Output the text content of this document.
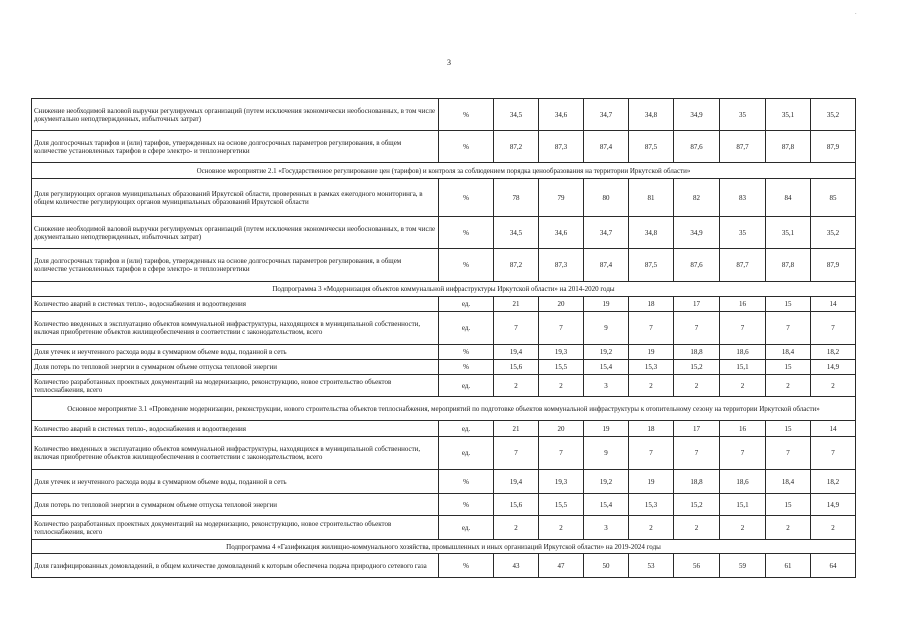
·
3
Снижение необходимой валовой выручки регулируемых организаций (путем исключения экономически необоснованных, в том числе документально неподтвержденных, избыточных затрат)	%	34,5	34,6	34,7	34,8	34,9	35	35,1	35,2
Доля долгосрочных тарифов и (или) тарифов, утвержденных на основе долгосрочных параметров регулирования, в общем количестве установленных тарифов в сфере электро- и теплоэнергетики	%	87,2	87,3	87,4	87,5	87,6	87,7	87,8	87,9
Основное мероприятие 2.1 «Государственное регулирование цен (тарифов) и контроля за соблюдением порядка ценообразования на территории Иркутской области»									
Доля регулирующих органов муниципальных образований Иркутской области, проверенных в рамках ежегодного мониторинга, в общем количестве регулирующих органов муниципальных образований Иркутской области	%	78	79	80	81	82	83	84	85
Снижение необходимой валовой выручки регулируемых организаций (путем исключения экономически необоснованных, в том числе документально неподтвержденных, избыточных затрат)	%	34,5	34,6	34,7	34,8	34,9	35	35,1	35,2
Доля долгосрочных тарифов и (или) тарифов, утвержденных на основе долгосрочных параметров регулирования, в общем количестве установленных тарифов в сфере электро- и теплоэнергетики	%	87,2	87,3	87,4	87,5	87,6	87,7	87,8	87,9
Подпрограмма 3 «Модернизация объектов коммунальной инфраструктуры Иркутской области» на 2014-2020 годы									
Количество аварий в системах тепло-, водоснабжения и водоотведения	ед.	21	20	19	18	17	16	15	14
Количество введенных в эксплуатацию объектов коммунальной инфраструктуры, находящихся в муниципальной собственности, включая приобретение объектов жилищеобеспечения в соответствии с законодательством, всего	ед.	7	7	9	7	7	7	7	7
Доля утечек и неучтенного расхода воды в суммарном объеме воды, поданной в сеть	%	19,4	19,3	19,2	19	18,8	18,6	18,4	18,2
Доля потерь по тепловой энергии в суммарном объеме отпуска тепловой энергии	%	15,6	15,5	15,4	15,3	15,2	15,1	15	14,9
Количество разработанных проектных документаций на модернизацию, реконструкцию, новое строительство объектов теплоснабжения, всего	ед.	2	2	3	2	2	2	2	2
Основное мероприятие 3.1 «Проведение модернизации, реконструкции, нового строительства объектов теплоснабжения, мероприятий по подготовке объектов коммунальной инфраструктуры к отопительному сезону на территории Иркутской области»									
Количество аварий в системах тепло-, водоснабжения и водоотведения	ед.	21	20	19	18	17	16	15	14
Количество введенных в эксплуатацию объектов коммунальной инфраструктуры, находящихся в муниципальной собственности, включая приобретение объектов жилищеобеспечения в соответствии с законодательством, всего	ед.	7	7	9	7	7	7	7	7
Доля утечек и неучтенного расхода воды в суммарном объеме воды, поданной в сеть	%	19,4	19,3	19,2	19	18,8	18,6	18,4	18,2
Доля потерь по тепловой энергии в суммарном объеме отпуска тепловой энергии	%	15,6	15,5	15,4	15,3	15,2	15,1	15	14,9
Количество разработанных проектных документаций на модернизацию, реконструкцию, новое строительство объектов теплоснабжения, всего	ед.	2	2	3	2	2	2	2	2
Подпрограмма 4 «Газификация жилищно-коммунального хозяйства, промышленных и иных организаций Иркутской области» на 2019-2024 годы									
Доля газифицированных домовладений, в общем количестве домовладений к которым обеспечена подача природного сетевого газа	%	43	47	50	53	56	59	61	64
